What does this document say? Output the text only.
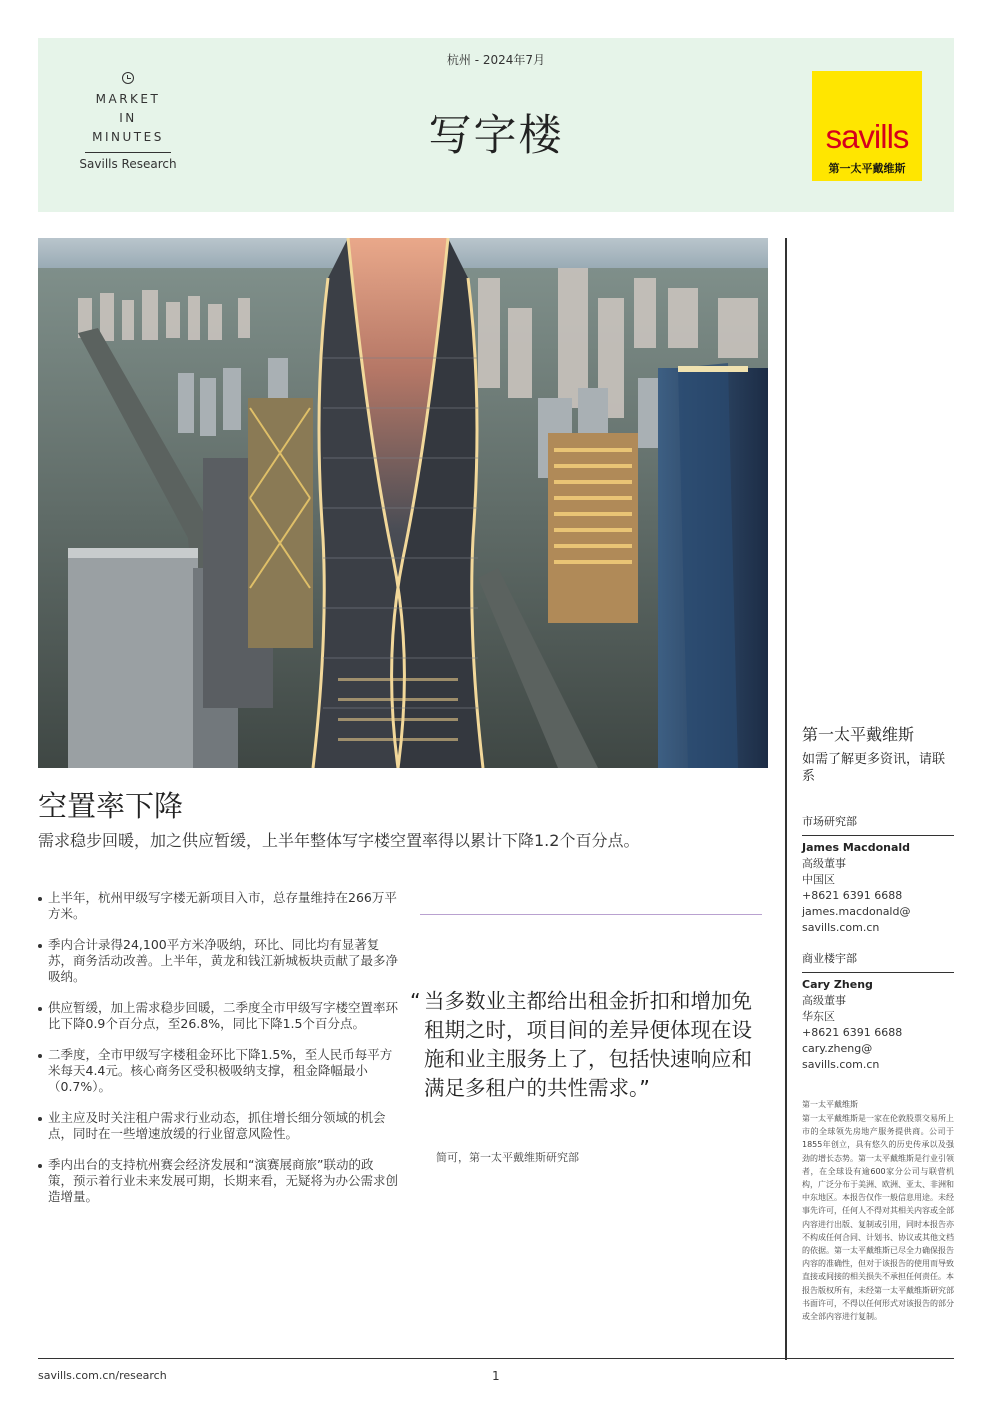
MARKET
IN
MINUTES
Savills Research
杭州 - 2024年7月
写字楼	savills
第一太平戴维斯
空置率下降

需求稳步回暖，加之供应暂缓，上半年整体写字楼空置率得以累计下降1.2个百分点。

上半年，杭州甲级写字楼无新项目入市，总存量维持在266万平方米。
季内合计录得24,100平方米净吸纳，环比、同比均有显著复苏，商务活动改善。上半年，黄龙和钱江新城板块贡献了最多净吸纳。
供应暂缓，加上需求稳步回暖，二季度全市甲级写字楼空置率环比下降0.9个百分点，至26.8%，同比下降1.5个百分点。
二季度，全市甲级写字楼租金环比下降1.5%，至人民币每平方米每天4.4元。核心商务区受积极吸纳支撑，租金降幅最小（0.7%）。
业主应及时关注租户需求行业动态，抓住增长细分领域的机会点，同时在一些增速放缓的行业留意风险性。
季内出台的支持杭州赛会经济发展和“演赛展商旅”联动的政策，预示着行业未来发展可期，长期来看，无疑将为办公需求创造增量。
“ 当多数业主都给出租金折扣和增加免租期之时，项目间的差异便体现在设施和业主服务上了，包括快速响应和满足多租户的共性需求。”
简可，第一太平戴维斯研究部
第一太平戴维斯
如需了解更多资讯，请联系
市场研究部
James Macdonald
高级董事
中国区
+8621 6391 6688
james.macdonald@
savills.com.cn
商业楼宇部
Cary Zheng
高级董事
华东区
+8621 6391 6688
cary.zheng@
savills.com.cn
第一太平戴维斯
第一太平戴维斯是一家在伦敦股票交易所上市的全球领先房地产服务提供商。公司于1855年创立，具有悠久的历史传承以及强劲的增长态势。第一太平戴维斯是行业引领者，在全球设有逾600家分公司与联营机构，广泛分布于美洲、欧洲、亚太、非洲和中东地区。本报告仅作一般信息用途。未经事先许可，任何人不得对其相关内容或全部内容进行出版、复制或引用，同时本报告亦不构成任何合同、计划书、协议或其他文档的依据。第一太平戴维斯已尽全力确保报告内容的准确性，但对于该报告的使用而导致直接或间接的相关损失不承担任何责任。本报告版权所有，未经第一太平戴维斯研究部书面许可，不得以任何形式对该报告的部分或全部内容进行复制。
savills.com.cn/research	1
